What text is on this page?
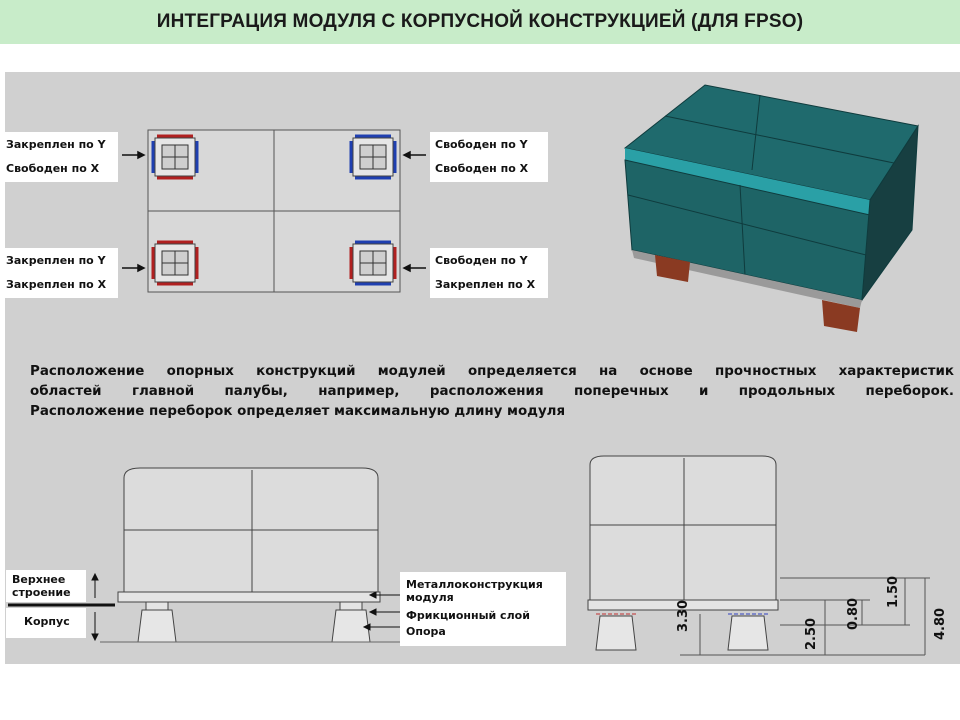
ИНТЕГРАЦИЯ МОДУЛЯ С КОРПУСНОЙ КОНСТРУКЦИЕЙ (ДЛЯ FPSO)
Закреплен по Y
Свободен по X
Закреплен по Y
Закреплен по X
Свободен по Y
Свободен по X
Свободен по Y
Закреплен по X
Расположение опорных конструкций модулей определяется на основе прочностных характеристик
областей главной палубы, например, расположения поперечных и продольных переборок.
Расположение переборок определяет максимальную длину модуля
Верхнее строение
Корпус
Металлоконструкция модуля
Фрикционный слой
Опора	3.30
2.50
0.80
1.50
4.80
